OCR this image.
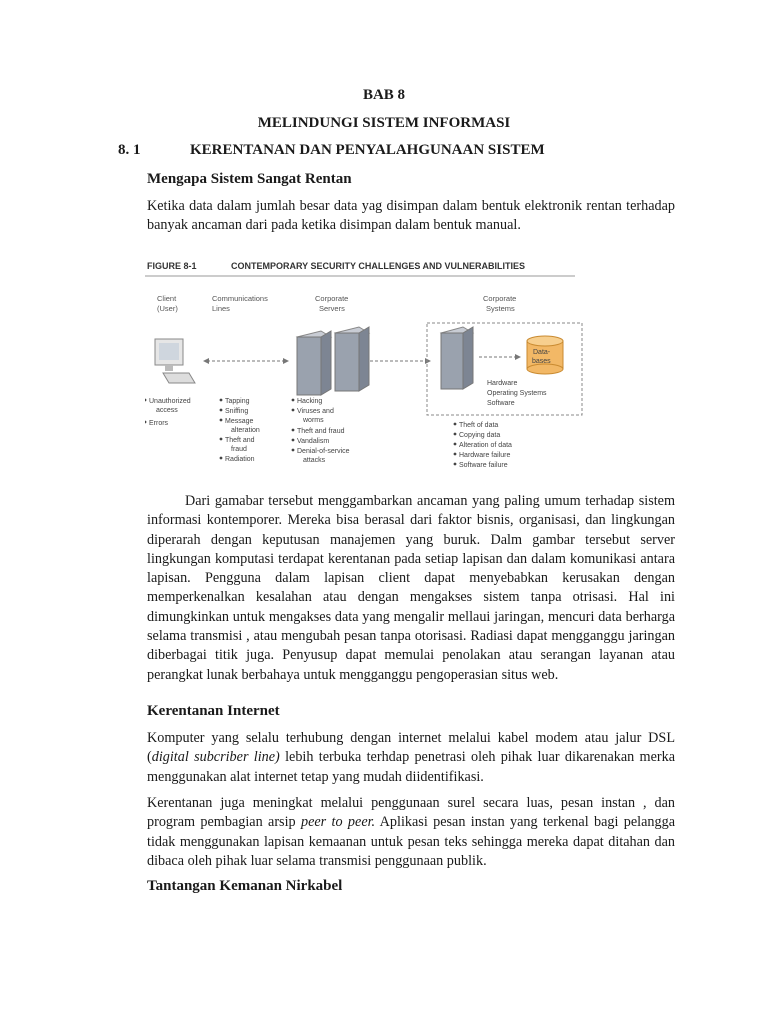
BAB 8
MELINDUNGI SISTEM INFORMASI
8. 1	KERENTANAN DAN PENYALAHGUNAAN SISTEM
Mengapa Sistem Sangat Rentan
Ketika data dalam jumlah besar data yag disimpan dalam bentuk elektronik rentan terhadap banyak ancaman dari pada ketika disimpan dalam bentuk manual.
FIGURE 8-1	CONTEMPORARY SECURITY CHALLENGES AND VULNERABILITIES
Client
(User)
Communications
Lines
Corporate
Servers
Corporate
Systems
Data-
bases
Hardware
Operating Systems
Software
Unauthorized
access
Errors
Tapping
Sniffing
Message
alteration
Theft and
fraud
Radiation
Hacking
Viruses and
worms
Theft and fraud
Vandalism
Denial-of-service
attacks
Theft of data
Copying data
Alteration of data
Hardware failure
Software failure
Dari gamabar tersebut menggambarkan ancaman yang paling umum terhadap sistem informasi kontemporer. Mereka bisa berasal dari faktor bisnis, organisasi, dan lingkungan diperarah dengan keputusan manajemen yang buruk. Dalm gambar tersebut server lingkungan komputasi terdapat kerentanan pada setiap lapisan dan dalam komunikasi antara lapisan. Pengguna dalam lapisan client dapat menyebabkan kerusakan dengan memperkenalkan kesalahan atau dengan mengakses sistem tanpa otrisasi. Hal ini dimungkinkan untuk mengakses data yang mengalir mellaui jaringan, mencuri data berharga selama transmisi , atau mengubah pesan tanpa otorisasi. Radiasi dapat mengganggu jaringan diberbagai titik juga. Penyusup dapat memulai penolakan atau serangan layanan atau perangkat lunak berbahaya untuk mengganggu pengoperasian situs web.
Kerentanan Internet
Komputer yang selalu terhubung dengan internet melalui kabel modem atau jalur DSL (digital subcriber line) lebih terbuka terhdap penetrasi oleh pihak luar dikarenakan merka menggunakan alat internet tetap yang mudah diidentifikasi.
Kerentanan juga meningkat melalui penggunaan surel secara luas, pesan instan , dan program pembagian arsip peer to peer. Aplikasi pesan instan yang terkenal bagi pelangga tidak menggunakan lapisan kemaanan untuk pesan teks sehingga mereka dapat ditahan dan dibaca oleh pihak luar selama transmisi penggunaan publik.
Tantangan Kemanan Nirkabel
